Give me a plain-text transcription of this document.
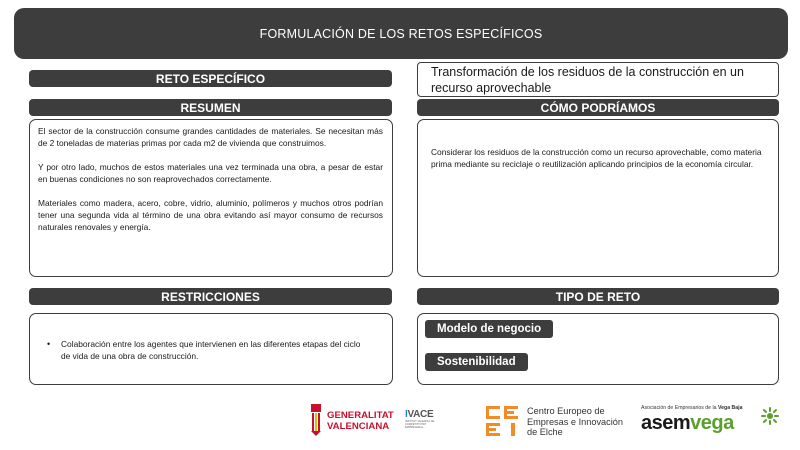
FORMULACIÓN DE LOS RETOS ESPECÍFICOS
RETO ESPECÍFICO	Transformación de los residuos de la construcción en un
recurso aprovechable
RESUMEN

El sector de la construcción consume grandes cantidades de materiales. Se necesitan más de 2 toneladas de materias primas por cada m2 de vivienda que construimos.

Y por otro lado, muchos de estos materiales una vez terminada una obra, a pesar de estar en buenas condiciones no son reaprovechados correctamente.

Materiales como madera, acero, cobre, vidrio, aluminio, polímeros y muchos otros podrían tener una segunda vida al término de una obra evitando así mayor consumo de recursos naturales renovales y energía.

CÓMO PODRÍAMOS

Considerar los residuos de la construcción como un recurso aprovechable, como materia prima mediante su reciclaje o reutilización aplicando principios de la economía circular.

RESTRICCIONES
•	Colaboración entre los agentes que intervienen en las diferentes etapas del ciclo de vida de una obra de construcción.
TIPO DE RETO
Modelo de negocio
Sostenibilidad
GENERALITAT
VALENCIANA
IVACE
INSTITUT VALENCIÀ DE
COMPETITIVITAT EMPRESARIAL
Centro Europeo de
Empresas e Innovación
de Elche
Asociación de Empresarios de la Vega Baja
asemvega
